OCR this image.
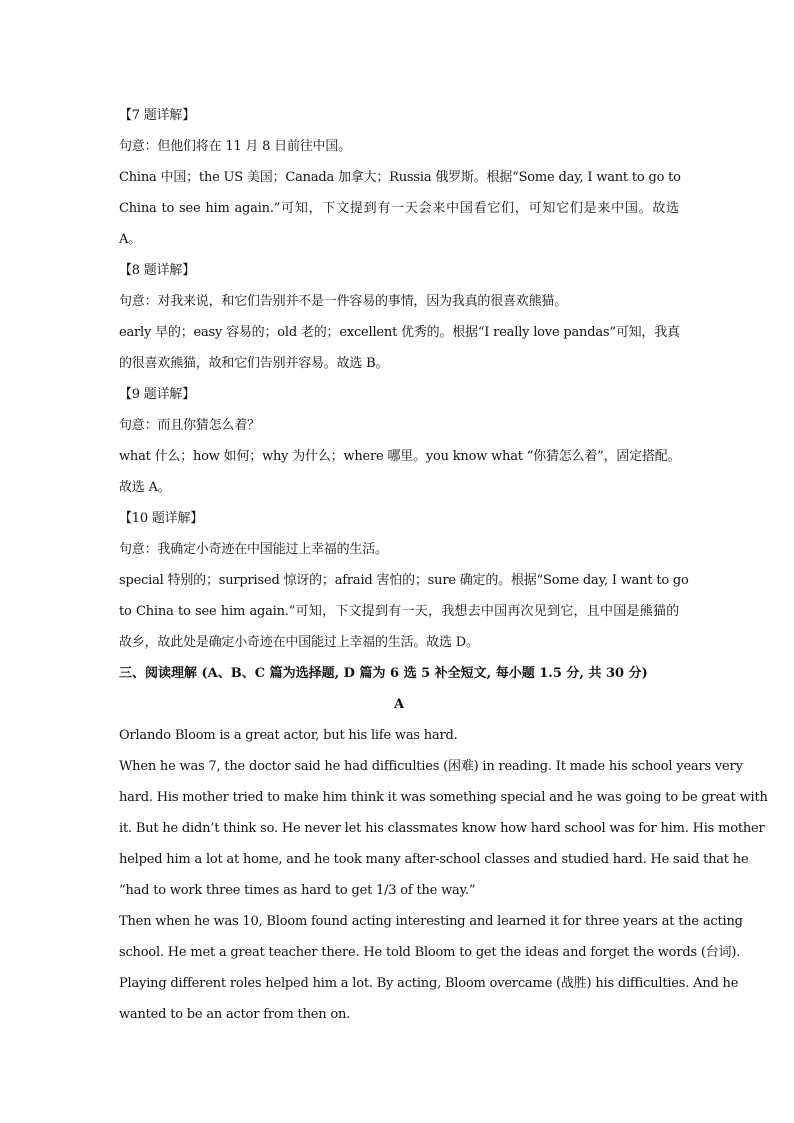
【7 题详解】
句意：但他们将在 11 月 8 日前往中国。
China 中国；the US 美国；Canada 加拿大；Russia 俄罗斯。根据“Some day, I want to go to
China to see him again.”可知，下文提到有一天会来中国看它们，可知它们是来中国。故选
A。
【8 题详解】
句意：对我来说，和它们告别并不是一件容易的事情，因为我真的很喜欢熊猫。
early 早的；easy 容易的；old 老的；excellent 优秀的。根据“I really love pandas”可知，我真
的很喜欢熊猫，故和它们告别并容易。故选 B。
【9 题详解】
句意：而且你猜怎么着？
what 什么；how 如何；why 为什么；where 哪里。you know what “你猜怎么着”，固定搭配。
故选 A。
【10 题详解】
句意：我确定小奇迹在中国能过上幸福的生活。
special 特别的；surprised 惊讶的；afraid 害怕的；sure 确定的。根据“Some day, I want to go
to China to see him again.”可知，下文提到有一天，我想去中国再次见到它，且中国是熊猫的
故乡，故此处是确定小奇迹在中国能过上幸福的生活。故选 D。
三、阅读理解 (A、B、C 篇为选择题, D 篇为 6 选 5 补全短文, 每小题 1.5 分, 共 30 分)
A
Orlando Bloom is a great actor, but his life was hard.
When he was 7, the doctor said he had difficulties (困难) in reading. It made his school years very
hard. His mother tried to make him think it was something special and he was going to be great with
it. But he didn’t think so. He never let his classmates know how hard school was for him. His mother
helped him a lot at home, and he took many after-school classes and studied hard. He said that he
“had to work three times as hard to get 1/3 of the way.”
Then when he was 10, Bloom found acting interesting and learned it for three years at the acting
school. He met a great teacher there. He told Bloom to get the ideas and forget the words (台词).
Playing different roles helped him a lot. By acting, Bloom overcame (战胜) his difficulties. And he
wanted to be an actor from then on.
